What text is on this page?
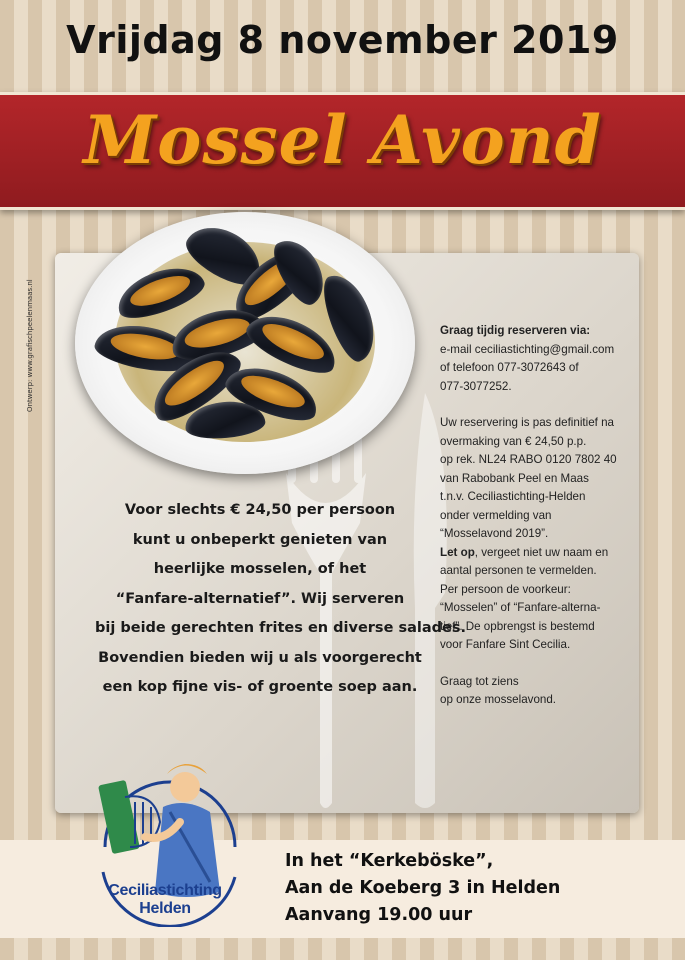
Vrijdag 8 november 2019
Mossel Avond
Ontwerp: www.grafischpeelenmaas.nl
Voor slechts € 24,50 per persoon
kunt u onbeperkt genieten van
heerlijke mosselen, of het
“Fanfare-alternatief”. Wij serveren
bij beide gerechten frites en diverse salades.
Bovendien bieden wij u als voorgerecht
een kop fijne vis- of groente soep aan.

Graag tijdig reserveren via:

e-mail ceciliastichting@gmail.com

of telefoon 077-3072643 of

077-3077252.

Uw reservering is pas definitief na

overmaking van € 24,50 p.p.

op rek. NL24 RABO 0120 7802 40

van Rabobank Peel en Maas

t.n.v. Ceciliastichting-Helden

onder vermelding van

“Mosselavond 2019”.

Let op, vergeet niet uw naam en

aantal personen te vermelden.

Per persoon de voorkeur:

“Mosselen” of “Fanfare-alterna-

tief”. De opbrengst is bestemd

voor Fanfare Sint Cecilia.

Graag tot ziens

op onze mosselavond.

Ceciliastichting
Helden
In het “Kerkeböske”,
Aan de Koeberg 3 in Helden
Aanvang 19.00 uur
